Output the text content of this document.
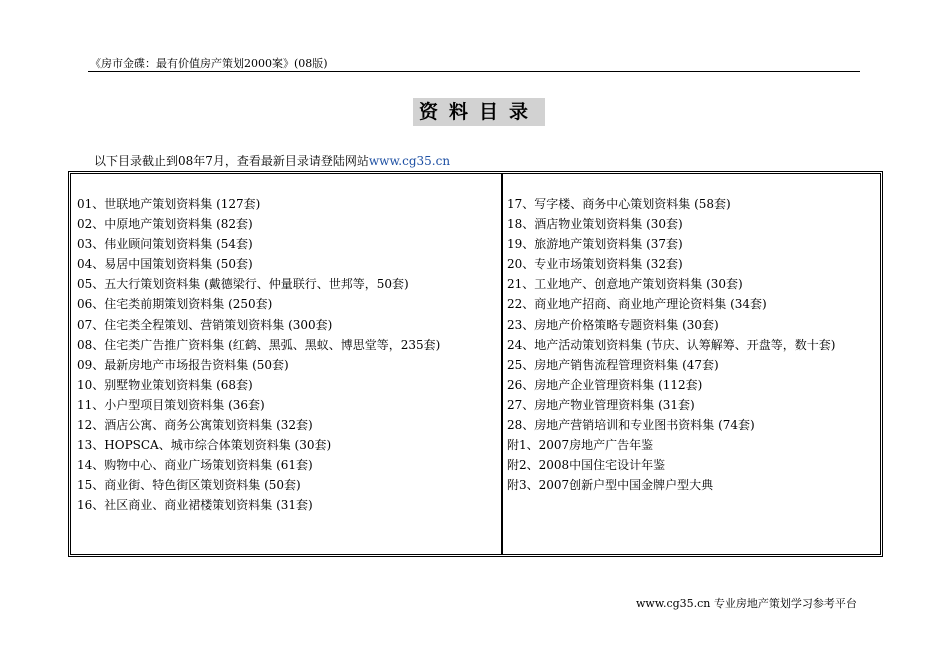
《房市金碟：最有价值房产策划2000案》(08版)
资料目录
以下目录截止到08年7月，查看最新目录请登陆网站www.cg35.cn
01、世联地产策划资料集 (127套)
02、中原地产策划资料集 (82套)
03、伟业顾问策划资料集 (54套)
04、易居中国策划资料集 (50套)
05、五大行策划资料集 (戴德梁行、仲量联行、世邦等，50套)
06、住宅类前期策划资料集 (250套)
07、住宅类全程策划、营销策划资料集 (300套)
08、住宅类广告推广资料集 (红鹤、黑弧、黑蚁、博思堂等，235套)
09、最新房地产市场报告资料集 (50套)
10、别墅物业策划资料集 (68套)
11、小户型项目策划资料集 (36套)
12、酒店公寓、商务公寓策划资料集 (32套)
13、HOPSCA、城市综合体策划资料集 (30套)
14、购物中心、商业广场策划资料集 (61套)
15、商业街、特色街区策划资料集 (50套)
16、社区商业、商业裙楼策划资料集 (31套)
17、写字楼、商务中心策划资料集 (58套)
18、酒店物业策划资料集 (30套)
19、旅游地产策划资料集 (37套)
20、专业市场策划资料集 (32套)
21、工业地产、创意地产策划资料集 (30套)
22、商业地产招商、商业地产理论资料集 (34套)
23、房地产价格策略专题资料集 (30套)
24、地产活动策划资料集 (节庆、认筹解筹、开盘等，数十套)
25、房地产销售流程管理资料集 (47套)
26、房地产企业管理资料集 (112套)
27、房地产物业管理资料集 (31套)
28、房地产营销培训和专业图书资料集 (74套)
附1、2007房地产广告年鉴
附2、2008中国住宅设计年鉴
附3、2007创新户型中国金牌户型大典
www.cg35.cn 专业房地产策划学习参考平台
